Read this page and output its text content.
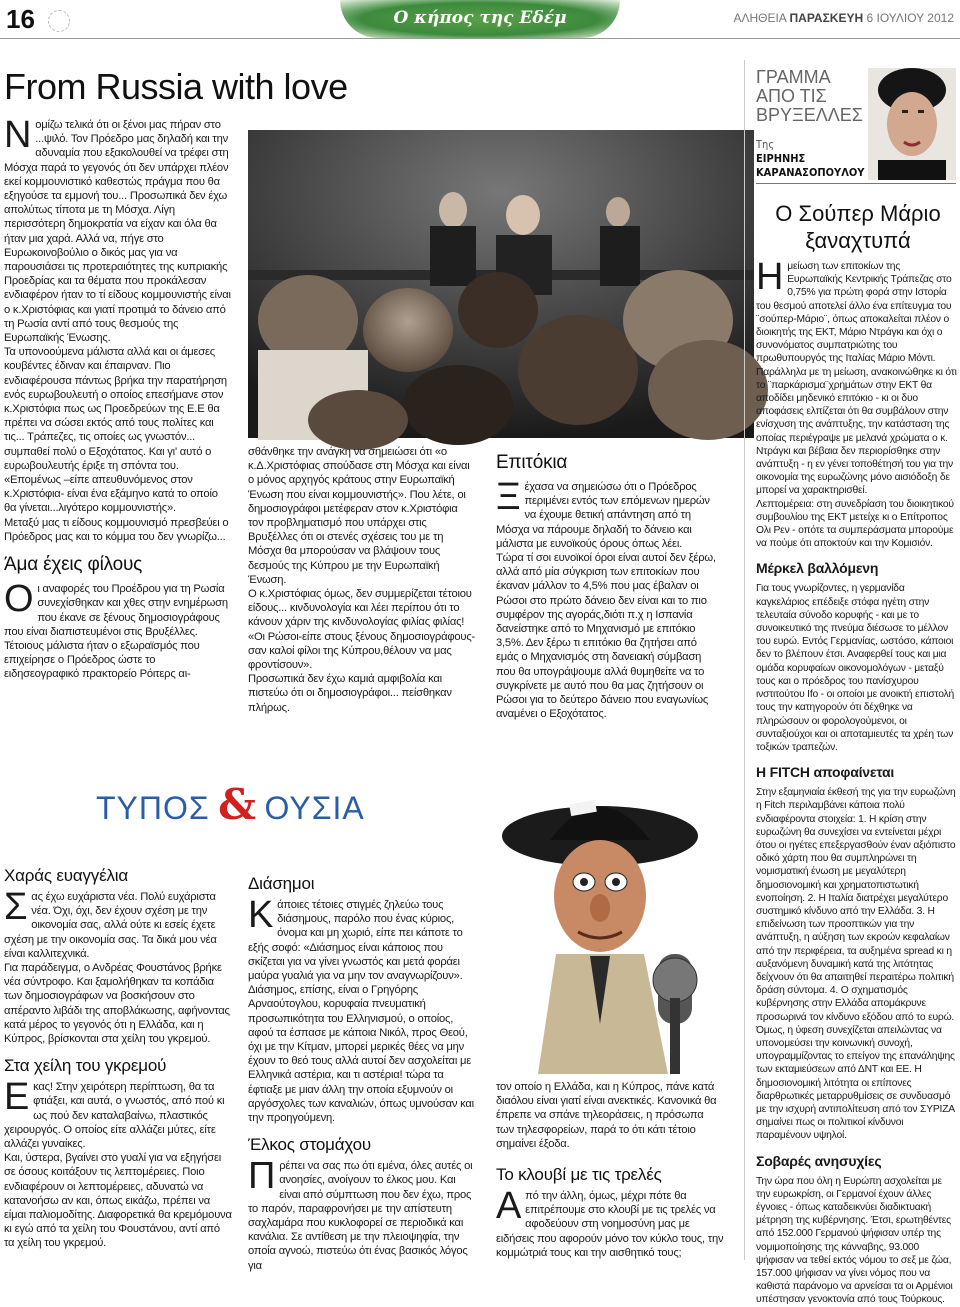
16	Ο κήπος της Εδέμ	ΑΛΗΘΕΙΑ ΠΑΡΑΣΚΕΥΗ 6 ΙΟΥΛΙΟΥ 2012
From Russia with love

Νομίζω τελικά ότι οι ξένοι μας πήραν στο ...ψιλό. Τον Πρόεδρο μας δηλαδή και την αδυναμία που εξακολουθεί να τρέφει στη Μόσχα παρά το γεγονός ότι δεν υπάρχει πλέον εκεί κομμουνιστικό καθεστώς πράγμα που θα εξηγούσε τα εμμονή του... Προσωπικά δεν έχω απολύτως τίποτα με τη Μόσχα. Λίγη περισσότερη δημοκρατία να είχαν και όλα θα ήταν μια χαρά. Αλλά να, πήγε στο Ευρωκοινοβούλιο ο δικός μας για να παρουσιάσει τις προτεραιότητες της κυπριακής Προεδρίας και τα θέματα που προκάλεσαν ενδιαφέρον ήταν το τί είδους κομμουνιστής είναι ο κ.Χριστόφιας και γιατί προτιμά το δάνειο από τη Ρωσία αντί από τους θεσμούς της Ευρωπαϊκής Ένωσης.

Τα υπονοούμενα μάλιστα αλλά και οι άμεσες κουβέντες έδιναν και έπαιρναν. Πιο ενδιαφέρουσα πάντως βρήκα την παρατήρηση ενός ευρωβουλευτή ο οποίος επεσήμανε στον κ.Χριστόφια πως ως Προεδρεύων της Ε.Ε θα πρέπει να σώσει εκτός από τους πολίτες και τις... Τράπεζες, τις οποίες ως γνωστόν... συμπαθεί πολύ ο Εξοχότατος. Και γι' αυτό ο ευρωβουλευτής έριξε τη σπόντα του. «Επομένως –είπε απευθυνόμενος στον κ.Χριστόφια- είναι ένα εξάμηνο κατά το οποίο θα γίνεται...λιγότερο κομμουνιστής».

Μεταξύ μας τι είδους κομμουνισμό πρεσβεύει ο Πρόεδρος μας και το κόμμα του δεν γνωρίζω...

Άμα έχεις φίλους

Οι αναφορές του Προέδρου για τη Ρωσία συνεχίσθηκαν και χθες στην ενημέρωση που έκανε σε ξένους δημοσιογράφους που είναι διαπιστευμένοι στις Βρυξέλλες. Τέτοιους μάλιστα ήταν ο εξωραϊσμός που επιχείρησε ο Πρόεδρος ώστε το ειδησεογραφικό πρακτορείο Ρόιτερς αι-

σθάνθηκε την ανάγκη να σημειώσει ότι «ο κ.Δ.Χριστόφιας σπούδασε στη Μόσχα και είναι ο μόνος αρχηγός κράτους στην Ευρωπαϊκή Ένωση που είναι κομμουνιστής». Που λέτε, οι δημοσιογράφοι μετέφεραν στον κ.Χριστόφια τον προβληματισμό που υπάρχει στις Βρυξέλλες ότι οι στενές σχέσεις του με τη Μόσχα θα μπορούσαν να βλάψουν τους δεσμούς της Κύπρου με την Ευρωπαϊκή Ένωση.

Ο κ.Χριστόφιας όμως, δεν συμμερίζεται τέτοιου είδους... κινδυνολογία και λέει περίπου ότι το κάνουν χάριν της κινδυνολογίας φιλίας φιλίας! «Οι Ρώσοι-είπε στους ξένους δημοσιογράφους- σαν καλοί φίλοι της Κύπρου,θέλουν να μας φροντίσουν».

Προσωπικά δεν έχω καμιά αμφιβολία και πιστεύω ότι οι δημοσιογράφοι... πείσθηκαν πλήρως.

Επιτόκια

Ξέχασα να σημειώσω ότι ο Πρόεδρος περιμένει εντός των επόμενων ημερών να έχουμε θετική απάντηση από τη Μόσχα να πάρουμε δηλαδή το δάνειο και μάλιστα με ευνοϊκούς όρους όπως λέει.

Τώρα τί σοι ευνοϊκοί όροι είναι αυτοί δεν ξέρω, αλλά από μία σύγκριση των επιτοκίων που έκαναν μάλλον το 4,5% που μας έβαλαν οι Ρώσοι στο πρώτο δάνειο δεν είναι και το πιο συμφέρον της αγοράς,διότι π.χ η Ισπανία δανείστηκε από το Μηχανισμό με επιτόκιο 3,5%. Δεν ξέρω τι επιτόκιο θα ζητήσει από εμάς ο Μηχανισμός στη δανειακή σύμβαση που θα υπογράψουμε αλλά θυμηθείτε να το συγκρίνετε με αυτό που θα μας ζητήσουν οι Ρώσοι για το δεύτερο δάνειο που εναγωνίως αναμένει ο Εξοχότατος.

ΓΡΑΜΜΑ ΑΠΟ ΤΙΣ ΒΡΥΞΕΛΛΕΣ
Της
ΕΙΡΗΝΗΣ ΚΑΡΑΝΑΣΟΠΟΥΛΟΥ
Ο Σούπερ Μάριο ξαναχτυπά

Ημείωση των επιτοκίων της Ευρωπαϊκής Κεντρικής Τράπεζας στο 0,75% για πρώτη φορά στην Ιστορία του θεσμού αποτελεί άλλο ένα επίτευγμα του ¨σούπερ-Μάριο¨, όπως αποκαλείται πλέον ο διοικητής της ΕΚΤ, Μάριο Ντράγκι και όχι ο συνονόματος συμπατριώτης του πρωθυπουργός της Ιταλίας Μάριο Μόντι. Παράλληλα με τη μείωση, ανακοινώθηκε κι ότι το ¨παρκάρισμα¨χρημάτων στην ΕΚΤ θα αποδίδει μηδενικό επιτόκιο - κι οι δυο αποφάσεις ελπίζεται ότι θα συμβάλουν στην ενίσχυση της ανάπτυξης, την κατάσταση της οποίας περιέγραψε με μελανά χρώματα ο κ. Ντράγκι και βέβαια δεν περιορίσθηκε στην ανάπτυξη - η εν γένει τοποθέτησή του για την οικονομία της ευρωζώνης μόνο αισιόδοξη δε μπορεί να χαρακτηρισθεί.

Λεπτομέρεια: στη συνεδρίαση του διοικητικού συμβουλίου της ΕΚΤ μετείχε κι ο Επίτροπος Ολι Ρεν - οπότε τα συμπεράσματα μπορούμε να πούμε ότι αποκτούν και την Κομισιόν.

Μέρκελ βαλλόμενη

Για τους γνωρίζοντες, η γερμανίδα καγκελάριος επέδειξε στόφα ηγέτη στην τελευταία σύνοδο κορυφής - και με το συνοικευτικό της πνεύμα διέσωσε το μέλλον του ευρώ. Εντός Γερμανίας, ωστόσο, κάποιοι δεν το βλέπουν έτσι. Αναφερθεί τους και μια ομάδα κορυφαίων οικονομολόγων - μεταξύ τους και ο πρόεδρος του πανίσχυρου ινστιτούτου Ifo - οι οποίοι με ανοικτή επιστολή τους την κατηγορούν ότι δέχθηκε να πληρώσουν οι φορολογούμενοι, οι συνταξιούχοι και οι αποταμιευτές τα χρέη των τοξικών τραπεζών.

Η FITCH αποφαίνεται

Στην εξαμηνιαία έκθεσή της για την ευρωζώνη η Fitch περιλαμβάνει κάποια πολύ ενδιαφέροντα στοιχεία: 1. Η κρίση στην ευρωζώνη θα συνεχίσει να εντείνεται μέχρι ότου οι ηγέτες επεξεργασθούν έναν αξιόπιστο οδικό χάρτη που θα συμπληρώνει τη νομισματική ένωση με μεγαλύτερη δημοσιονομική και χρηματοπιστωτική ενοποίηση. 2. Η Ιταλία διατρέχει μεγαλύτερο συστημικό κίνδυνο από την Ελλάδα. 3. Η επιδείνωση των προοπτικών για την ανάπτυξη, η αύξηση των εκροών κεφαλαίων από την περιφέρεια, τα αυξημένα spread κι η αυξανόμενη δυναμική κατά της λιτότητας δείχνουν ότι θα απαιτηθεί περαιτέρω πολιτική δράση σύντομα. 4. Ο σχηματισμός κυβέρνησης στην Ελλάδα απομάκρυνε προσωρινά τον κίνδυνο εξόδου από το ευρώ. Όμως, η ύφεση συνεχίζεται απειλώντας να υπονομεύσει την κοινωνική συνοχή, υπογραμμίζοντας το επείγον της επανάληψης των εκταμιεύσεων από ΔΝΤ και ΕΕ. Η δημοσιονομική λιτότητα οι επίπονες διαρθρωτικές μεταρρυθμίσεις σε συνδυασμό με την ισχυρή αντιπολίτευση από τον ΣΥΡΙΖΑ σημαίνει πως οι πολιτικοί κίνδυνοι παραμένουν υψηλοί.

Σοβαρές ανησυχίες

Την ώρα που όλη η Ευρώπη ασχολείται με την ευρωκρίση, οι Γερμανοί έχουν άλλες έγνοιες - όπως καταδεικνύει διαδικτυακή μέτρηση της κυβέρνησης. Έτσι, ερωτηθέντες από 152.000 Γερμανού ψήφισαν υπέρ της νομιμοποίησης της κάνναβης, 93.000 ψήφισαν να τεθεί εκτός νόμου το σεξ με ζώα, 157.000 ψήφισαν να γίνει νόμος που να καθιστά παράνομο να αρνείσαι τα οι Αρμένιοι υπέστησαν γενοκτονία από τους Τούρκους.

ΤΥΠΟΣ & ΟΥΣΙΑ
Χαράς ευαγγέλια

Σας έχω ευχάριστα νέα. Πολύ ευχάριστα νέα. Όχι, όχι, δεν έχουν σχέση με την οικονομία σας, αλλά ούτε κι εσείς έχετε σχέση με την οικονομία σας. Τα δικά μου νέα είναι καλλιτεχνικά.

Για παράδειγμα, ο Ανδρέας Φουστάνος βρήκε νέα σύντροφο. Και ξαμολήθηκαν τα κοπάδια των δημοσιογράφων να βοσκήσουν στο απέραντο λιβάδι της αποβλάκωσης, αφήνοντας κατά μέρος το γεγονός ότι η Ελλάδα, και η Κύπρος, βρίσκονται στα χείλη του γκρεμού.

Στα χείλη του γκρεμού

Εκας! Στην χειρότερη περίπτωση, θα τα φτιάξει, και αυτά, ο γνωστός, από πού κι ως πού δεν καταλαβαίνω, πλαστικός χειρουργός. Ο οποίος είτε αλλάζει μύτες, είτε αλλάζει γυναίκες.

Και, ύστερα, βγαίνει στο γυαλί για να εξηγήσει σε όσους κοιτάξουν τις λεπτομέρειες. Ποιο ενδιαφέρουν οι λεπτομέρειες, αδυνατώ να κατανοήσω αν και, όπως εικάζω, πρέπει να είμαι παλιομοδίτης. Διαφορετικά θα κρεμόμουνα κι εγώ από τα χείλη του Φουστάνου, αντί από τα χείλη του γκρεμού.

Διάσημοι

Κάποιες τέτοιες στιγμές ζηλεύω τους διάσημους, παρόλο που ένας κύριος, όνομα και μη χωριό, είπε πει κάποτε το εξής σοφό: «Διάσημος είναι κάποιος που σκίζεται για να γίνει γνωστός και μετά φοράει μαύρα γυαλιά για να μην τον αναγνωρίζουν». Διάσημος, επίσης, είναι ο Γρηγόρης Αρναούτογλου, κορυφαία πνευματική προσωπικότητα του Ελληνισμού, ο οποίος, αφού τα έσπασε με κάποια Νικόλ, προς Θεού, όχι με την Κίτμαν, μπορεί μερικές θέες να μην έχουν το θεό τους αλλά αυτοί δεν ασχολείται με Ελληνικά αστέρια, και τι αστέρια! τώρα τα έφτιαξε με μιαν άλλη την οποία εξυμνούν οι αργόσχολες των καναλιών, όπως υμνούσαν και την προηγούμενη.

Έλκος στομάχου

Πρέπει να σας πω ότι εμένα, όλες αυτές οι ανοησίες, ανοίγουν το έλκος μου. Και είναι από σύμπτωση που δεν έχω, προς το παρόν, παραφρονήσει με την απίστευτη σαχλαμάρα που κυκλοφορεί σε περιοδικά και κανάλια. Σε αντίθεση με την πλειοψηφία, την οποία αγνοώ, πιστεύω ότι ένας βασικός λόγος για

τον οποίο η Ελλάδα, και η Κύπρος, πάνε κατά διαόλου είναι γιατί είναι ανεκτικές. Κανονικά θα έπρεπε να σπάνε τηλεοράσεις, η πρόσωπα των τηλεσφορείων, παρά το ότι κάτι τέτοιο σημαίνει έξοδα.

Το κλουβί με τις τρελές

Από την άλλη, όμως, μέχρι πότε θα επιτρέπουμε στο κλουβί με τις τρελές να αφοδεύουν στη νοημοσύνη μας με ειδήσεις που αφορούν μόνο τον κύκλο τους, την κομμώτριά τους και την αισθητικό τους;
